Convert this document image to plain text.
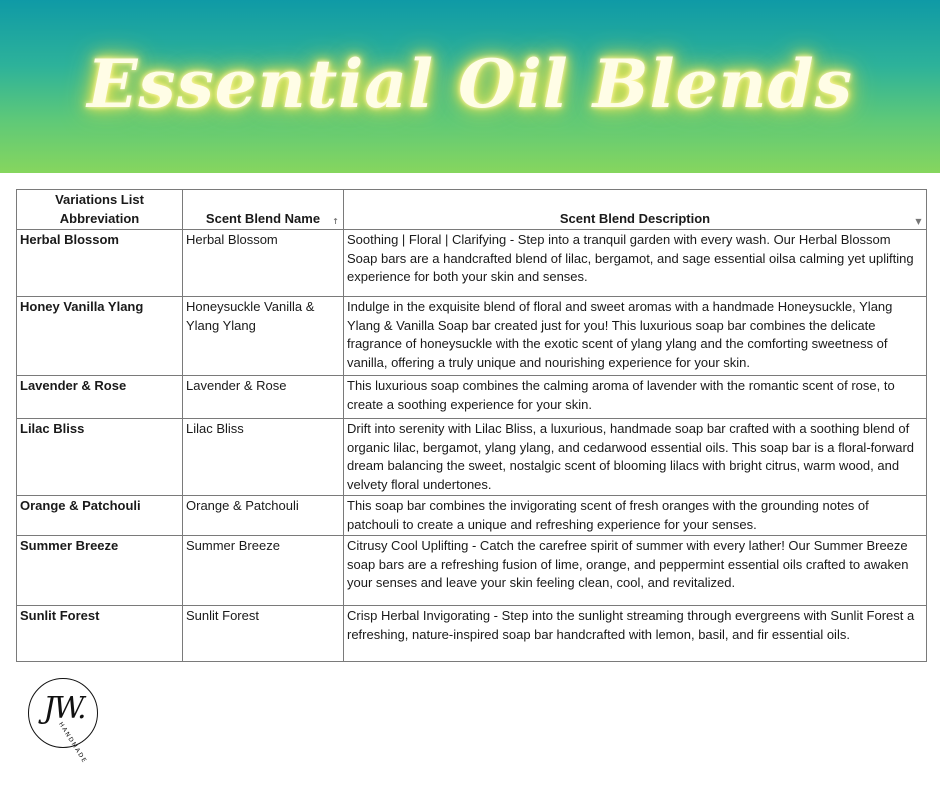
Essential Oil Blends
Variations List Abbreviation	Scent Blend Name ↑	Scent Blend Description ▼

Herbal Blossom	Herbal Blossom	Soothing | Floral | Clarifying - Step into a tranquil garden with every wash. Our Herbal Blossom Soap bars are a handcrafted blend of lilac, bergamot, and sage essential oilsa calming yet uplifting experience for both your skin and senses.
Honey Vanilla Ylang	Honeysuckle Vanilla & Ylang Ylang	Indulge in the exquisite blend of floral and sweet aromas with a handmade Honeysuckle, Ylang Ylang & Vanilla Soap bar created just for you! This luxurious soap bar combines the delicate fragrance of honeysuckle with the exotic scent of ylang ylang and the comforting sweetness of vanilla, offering a truly unique and nourishing experience for your skin.
Lavender & Rose	Lavender & Rose	This luxurious soap combines the calming aroma of lavender with the romantic scent of rose, to create a soothing experience for your skin.
Lilac Bliss	Lilac Bliss	Drift into serenity with Lilac Bliss, a luxurious, handmade soap bar crafted with a soothing blend of organic lilac, bergamot, ylang ylang, and cedarwood essential oils. This soap bar is a floral-forward dream balancing the sweet, nostalgic scent of blooming lilacs with bright citrus, warm wood, and velvety floral undertones.
Orange & Patchouli	Orange & Patchouli	This soap bar combines the invigorating scent of fresh oranges with the grounding notes of patchouli to create a unique and refreshing experience for your senses.
Summer Breeze	Summer Breeze	Citrusy Cool Uplifting - Catch the carefree spirit of summer with every lather! Our Summer Breeze soap bars are a refreshing fusion of lime, orange, and peppermint essential oils crafted to awaken your senses and leave your skin feeling clean, cool, and revitalized.
Sunlit Forest	Sunlit Forest	Crisp Herbal Invigorating - Step into the sunlight streaming through evergreens with Sunlit Forest a refreshing, nature-inspired soap bar handcrafted with lemon, basil, and fir essential oils.
JW.
HANDMADE
